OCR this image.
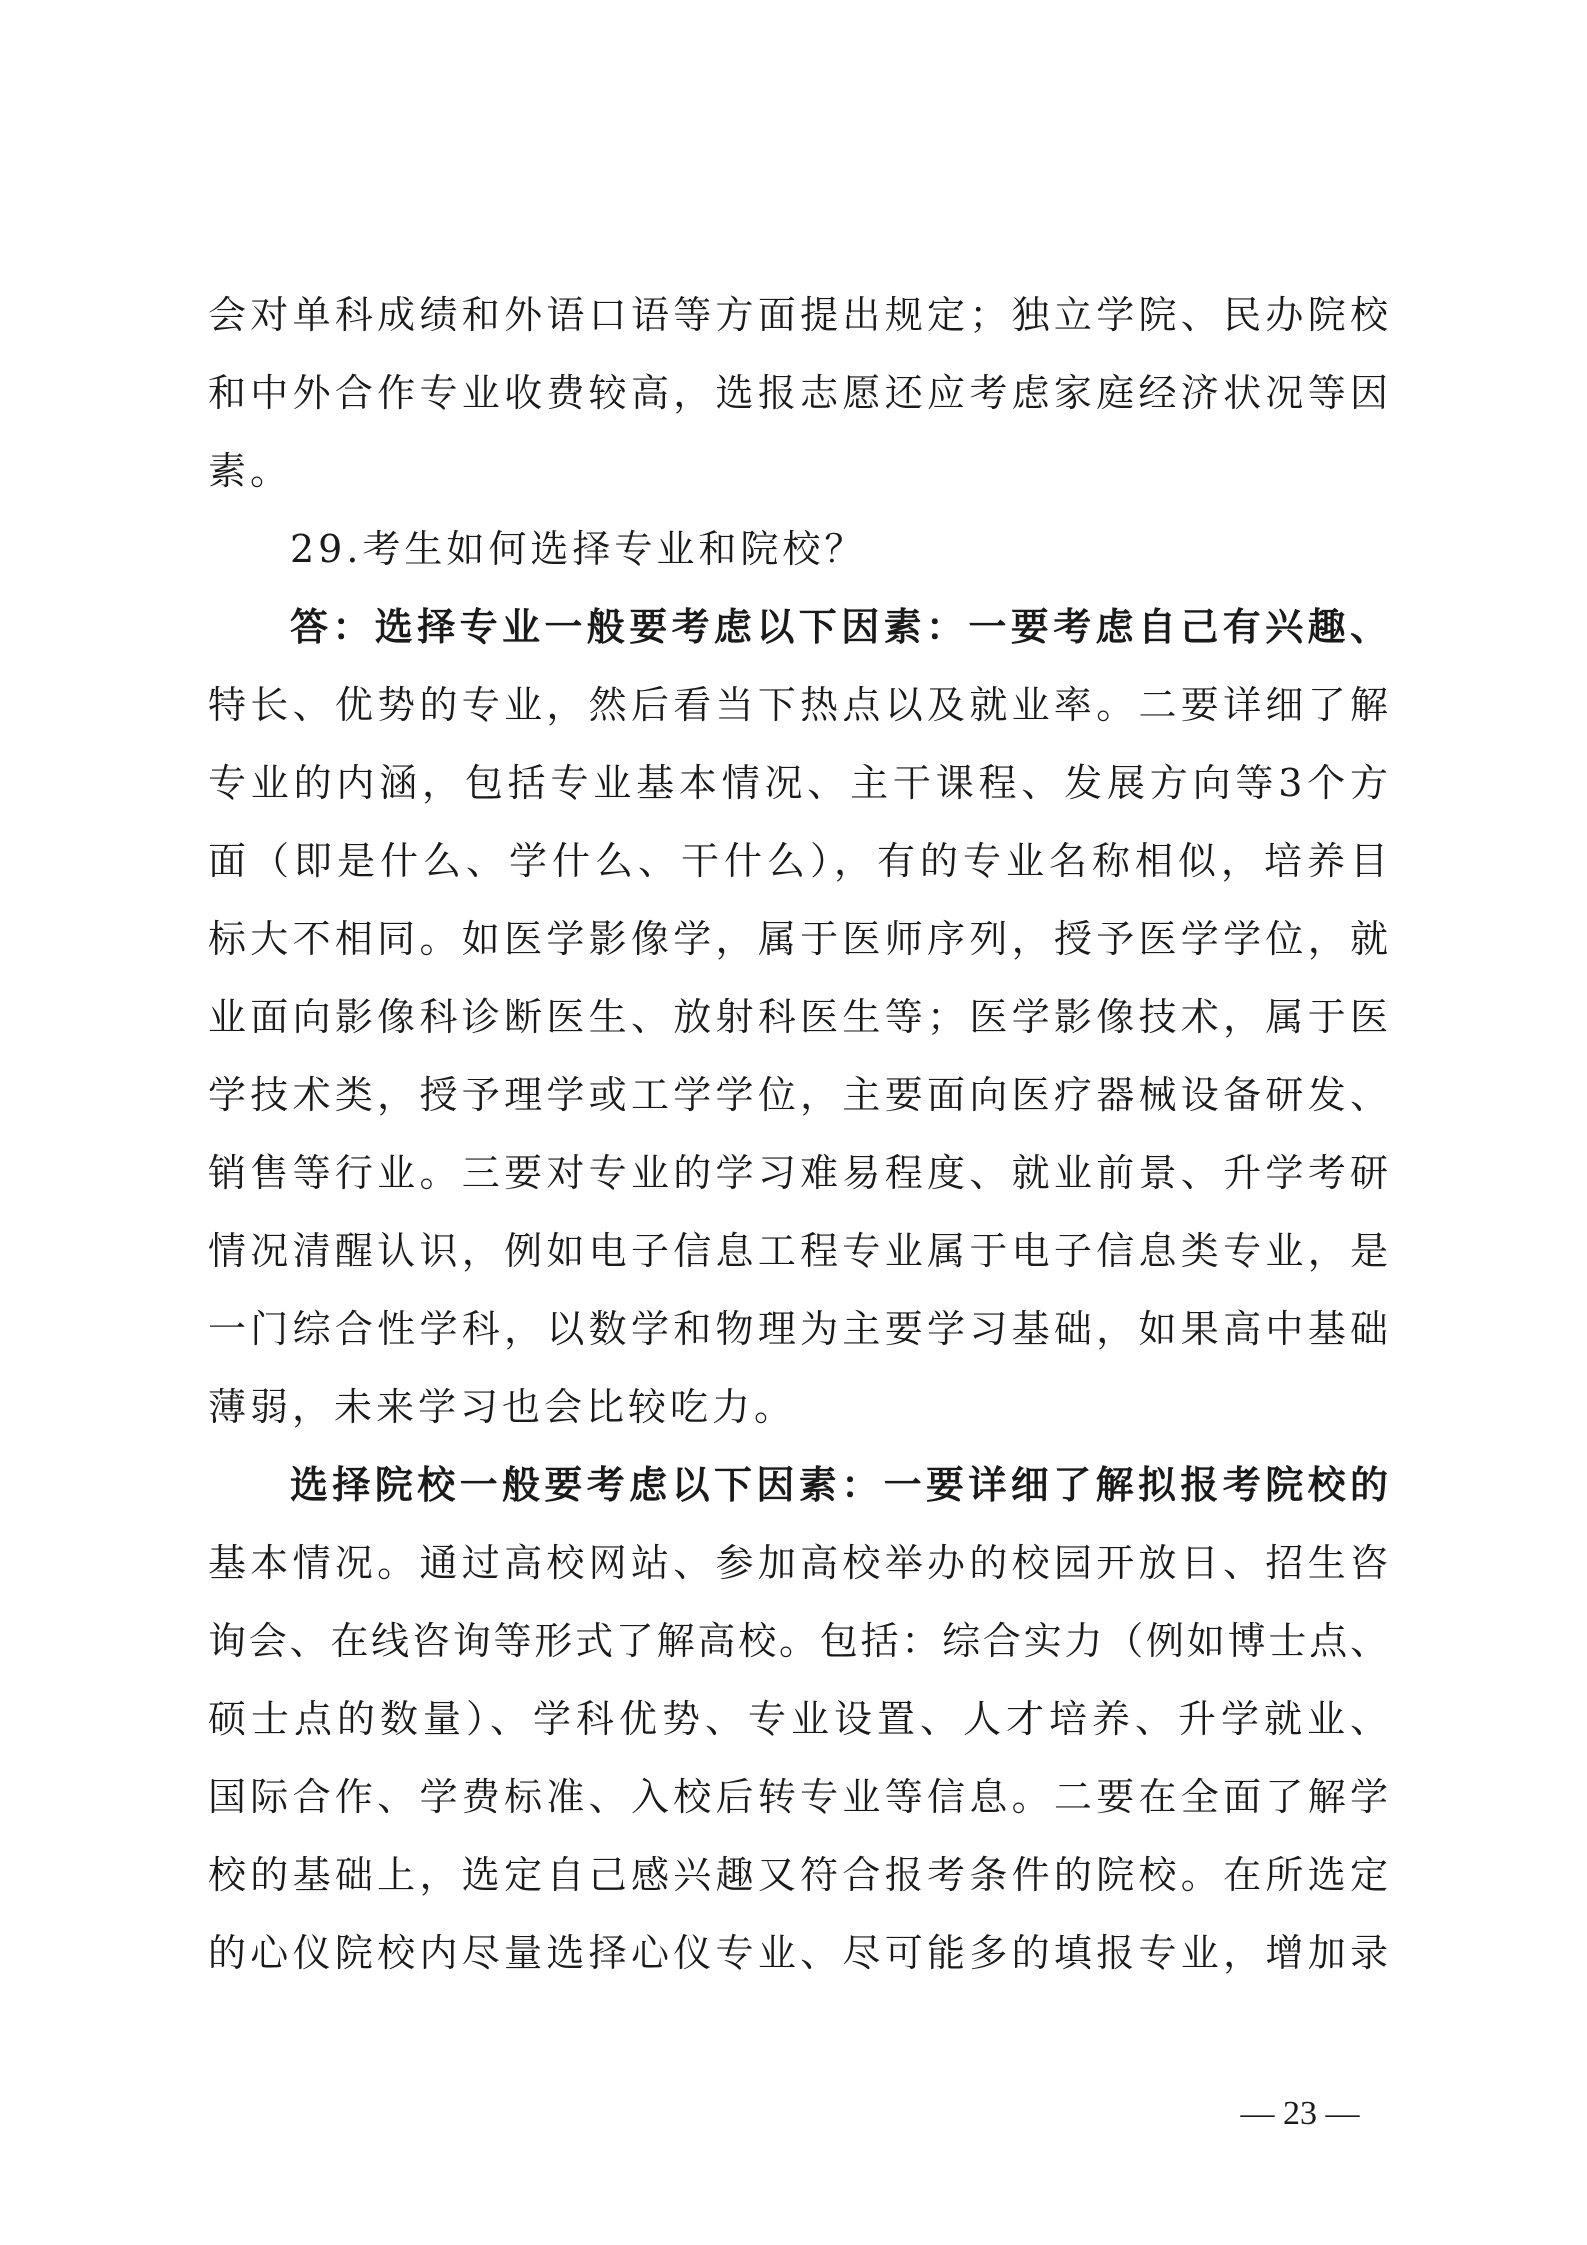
会对单科成绩和外语口语等方面提出规定；独立学院、民办院校
和中外合作专业收费较高，选报志愿还应考虑家庭经济状况等因
素。
29.考生如何选择专业和院校？
答：选择专业一般要考虑以下因素：一要考虑自己有兴趣、
特长、优势的专业，然后看当下热点以及就业率。二要详细了解
专业的内涵，包括专业基本情况、主干课程、发展方向等3个方
面（即是什么、学什么、干什么），有的专业名称相似，培养目
标大不相同。如医学影像学，属于医师序列，授予医学学位，就
业面向影像科诊断医生、放射科医生等；医学影像技术，属于医
学技术类，授予理学或工学学位，主要面向医疗器械设备研发、
销售等行业。三要对专业的学习难易程度、就业前景、升学考研
情况清醒认识，例如电子信息工程专业属于电子信息类专业，是
一门综合性学科，以数学和物理为主要学习基础，如果高中基础
薄弱，未来学习也会比较吃力。
选择院校一般要考虑以下因素：一要详细了解拟报考院校的
基本情况。通过高校网站、参加高校举办的校园开放日、招生咨
询会、在线咨询等形式了解高校。包括：综合实力（例如博士点、
硕士点的数量）、学科优势、专业设置、人才培养、升学就业、
国际合作、学费标准、入校后转专业等信息。二要在全面了解学
校的基础上，选定自己感兴趣又符合报考条件的院校。在所选定
的心仪院校内尽量选择心仪专业、尽可能多的填报专业，增加录
— 23 —
